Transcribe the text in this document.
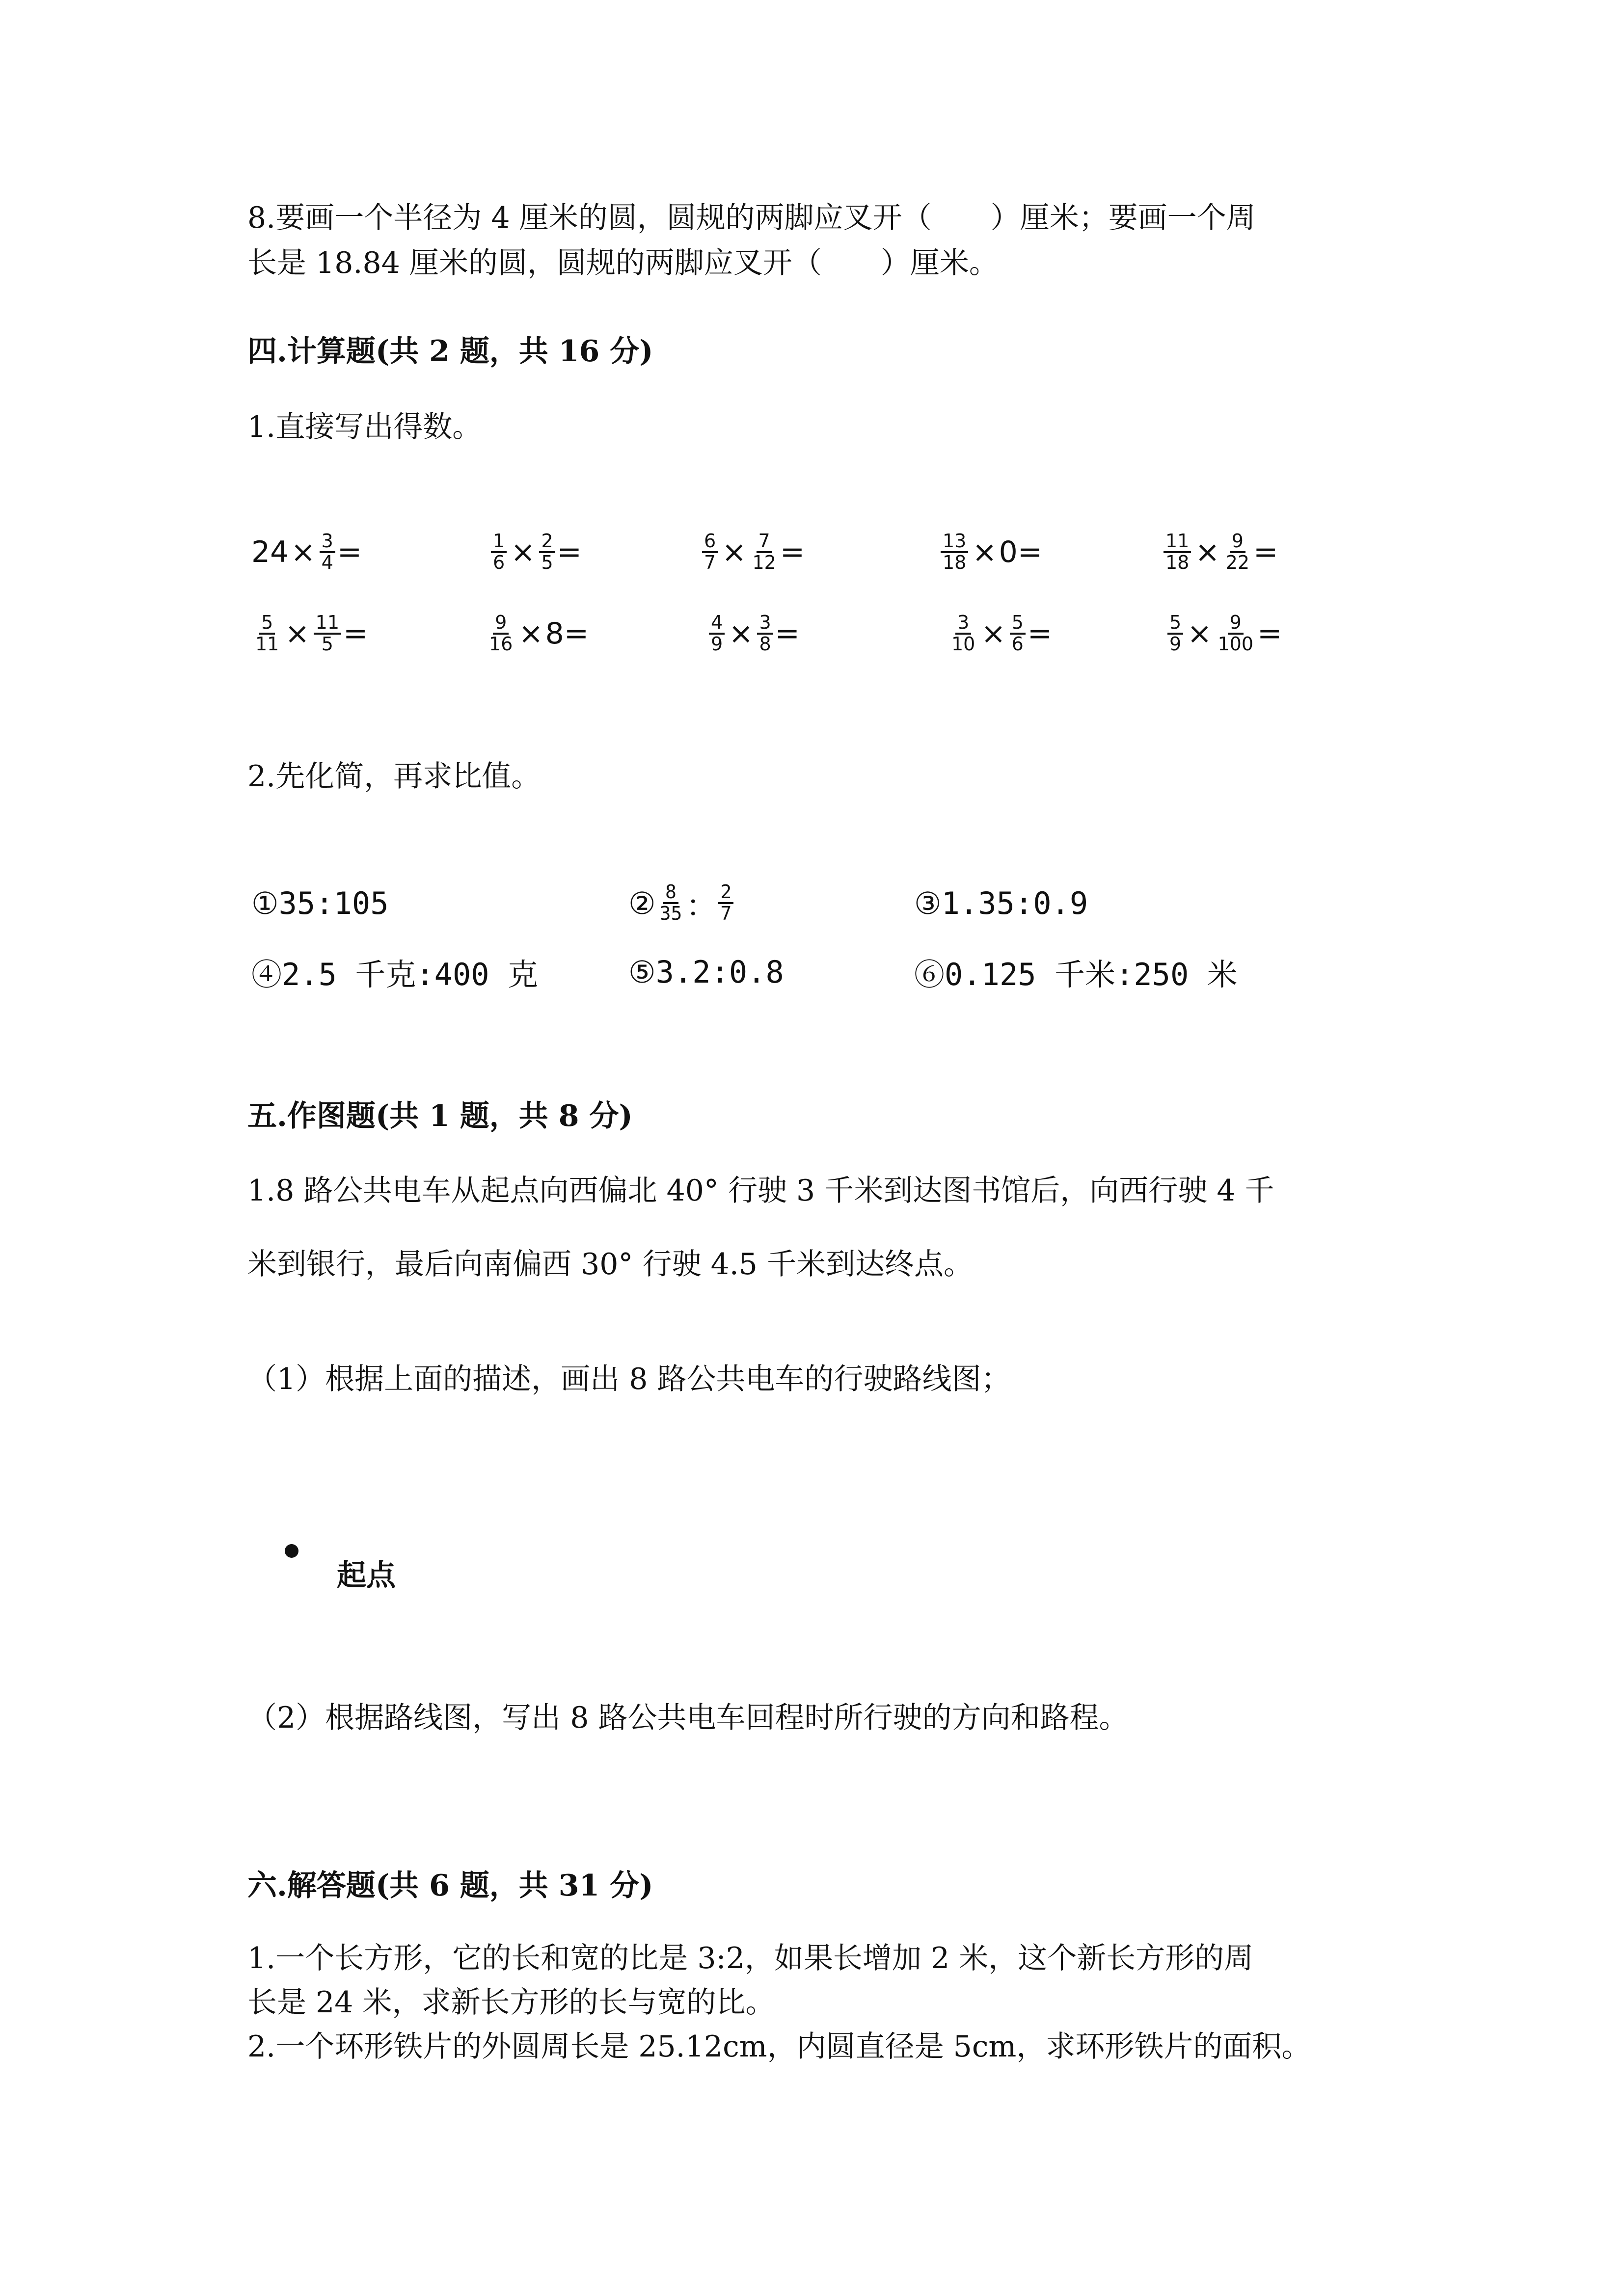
8.要画一个半径为 4 厘米的圆，圆规的两脚应叉开（　　）厘米；要画一个周
长是 18.84 厘米的圆，圆规的两脚应叉开（　　）厘米。
四.计算题(共 2 题，共 16 分)
1.直接写出得数。
$24 \times \frac{3}{4}$ =	$\frac{1}{6} \times \frac{2}{5}$ =	$\frac{6}{7} \times \frac{7}{12}$ =	$\frac{13}{18} \times 0$ =	$\frac{11}{18} \times \frac{9}{22}$ =
$\frac{5}{11} \times \frac{11}{5}$ =	$\frac{9}{16} \times 8$ =	$\frac{4}{9} \times \frac{3}{8}$ =	$\frac{3}{10} \times \frac{5}{6}$ =	$\frac{5}{9} \times \frac{9}{100}$ =
2.先化简，再求比值。
①35:105	② $\frac{8}{35}$ ： $\frac{2}{7}$	③1.35:0.9
④2.5 千克:400 克	⑤3.2:0.8	⑥0.125 千米:250 米
五.作图题(共 1 题，共 8 分)
1.8 路公共电车从起点向西偏北 40° 行驶 3 千米到达图书馆后，向西行驶 4 千
米到银行，最后向南偏西 30° 行驶 4.5 千米到达终点。
（1）根据上面的描述，画出 8 路公共电车的行驶路线图；
起点
（2）根据路线图，写出 8 路公共电车回程时所行驶的方向和路程。
六.解答题(共 6 题，共 31 分)
1.一个长方形，它的长和宽的比是 3:2，如果长增加 2 米，这个新长方形的周
长是 24 米，求新长方形的长与宽的比。
2.一个环形铁片的外圆周长是 25.12cm，内圆直径是 5cm，求环形铁片的面积。
